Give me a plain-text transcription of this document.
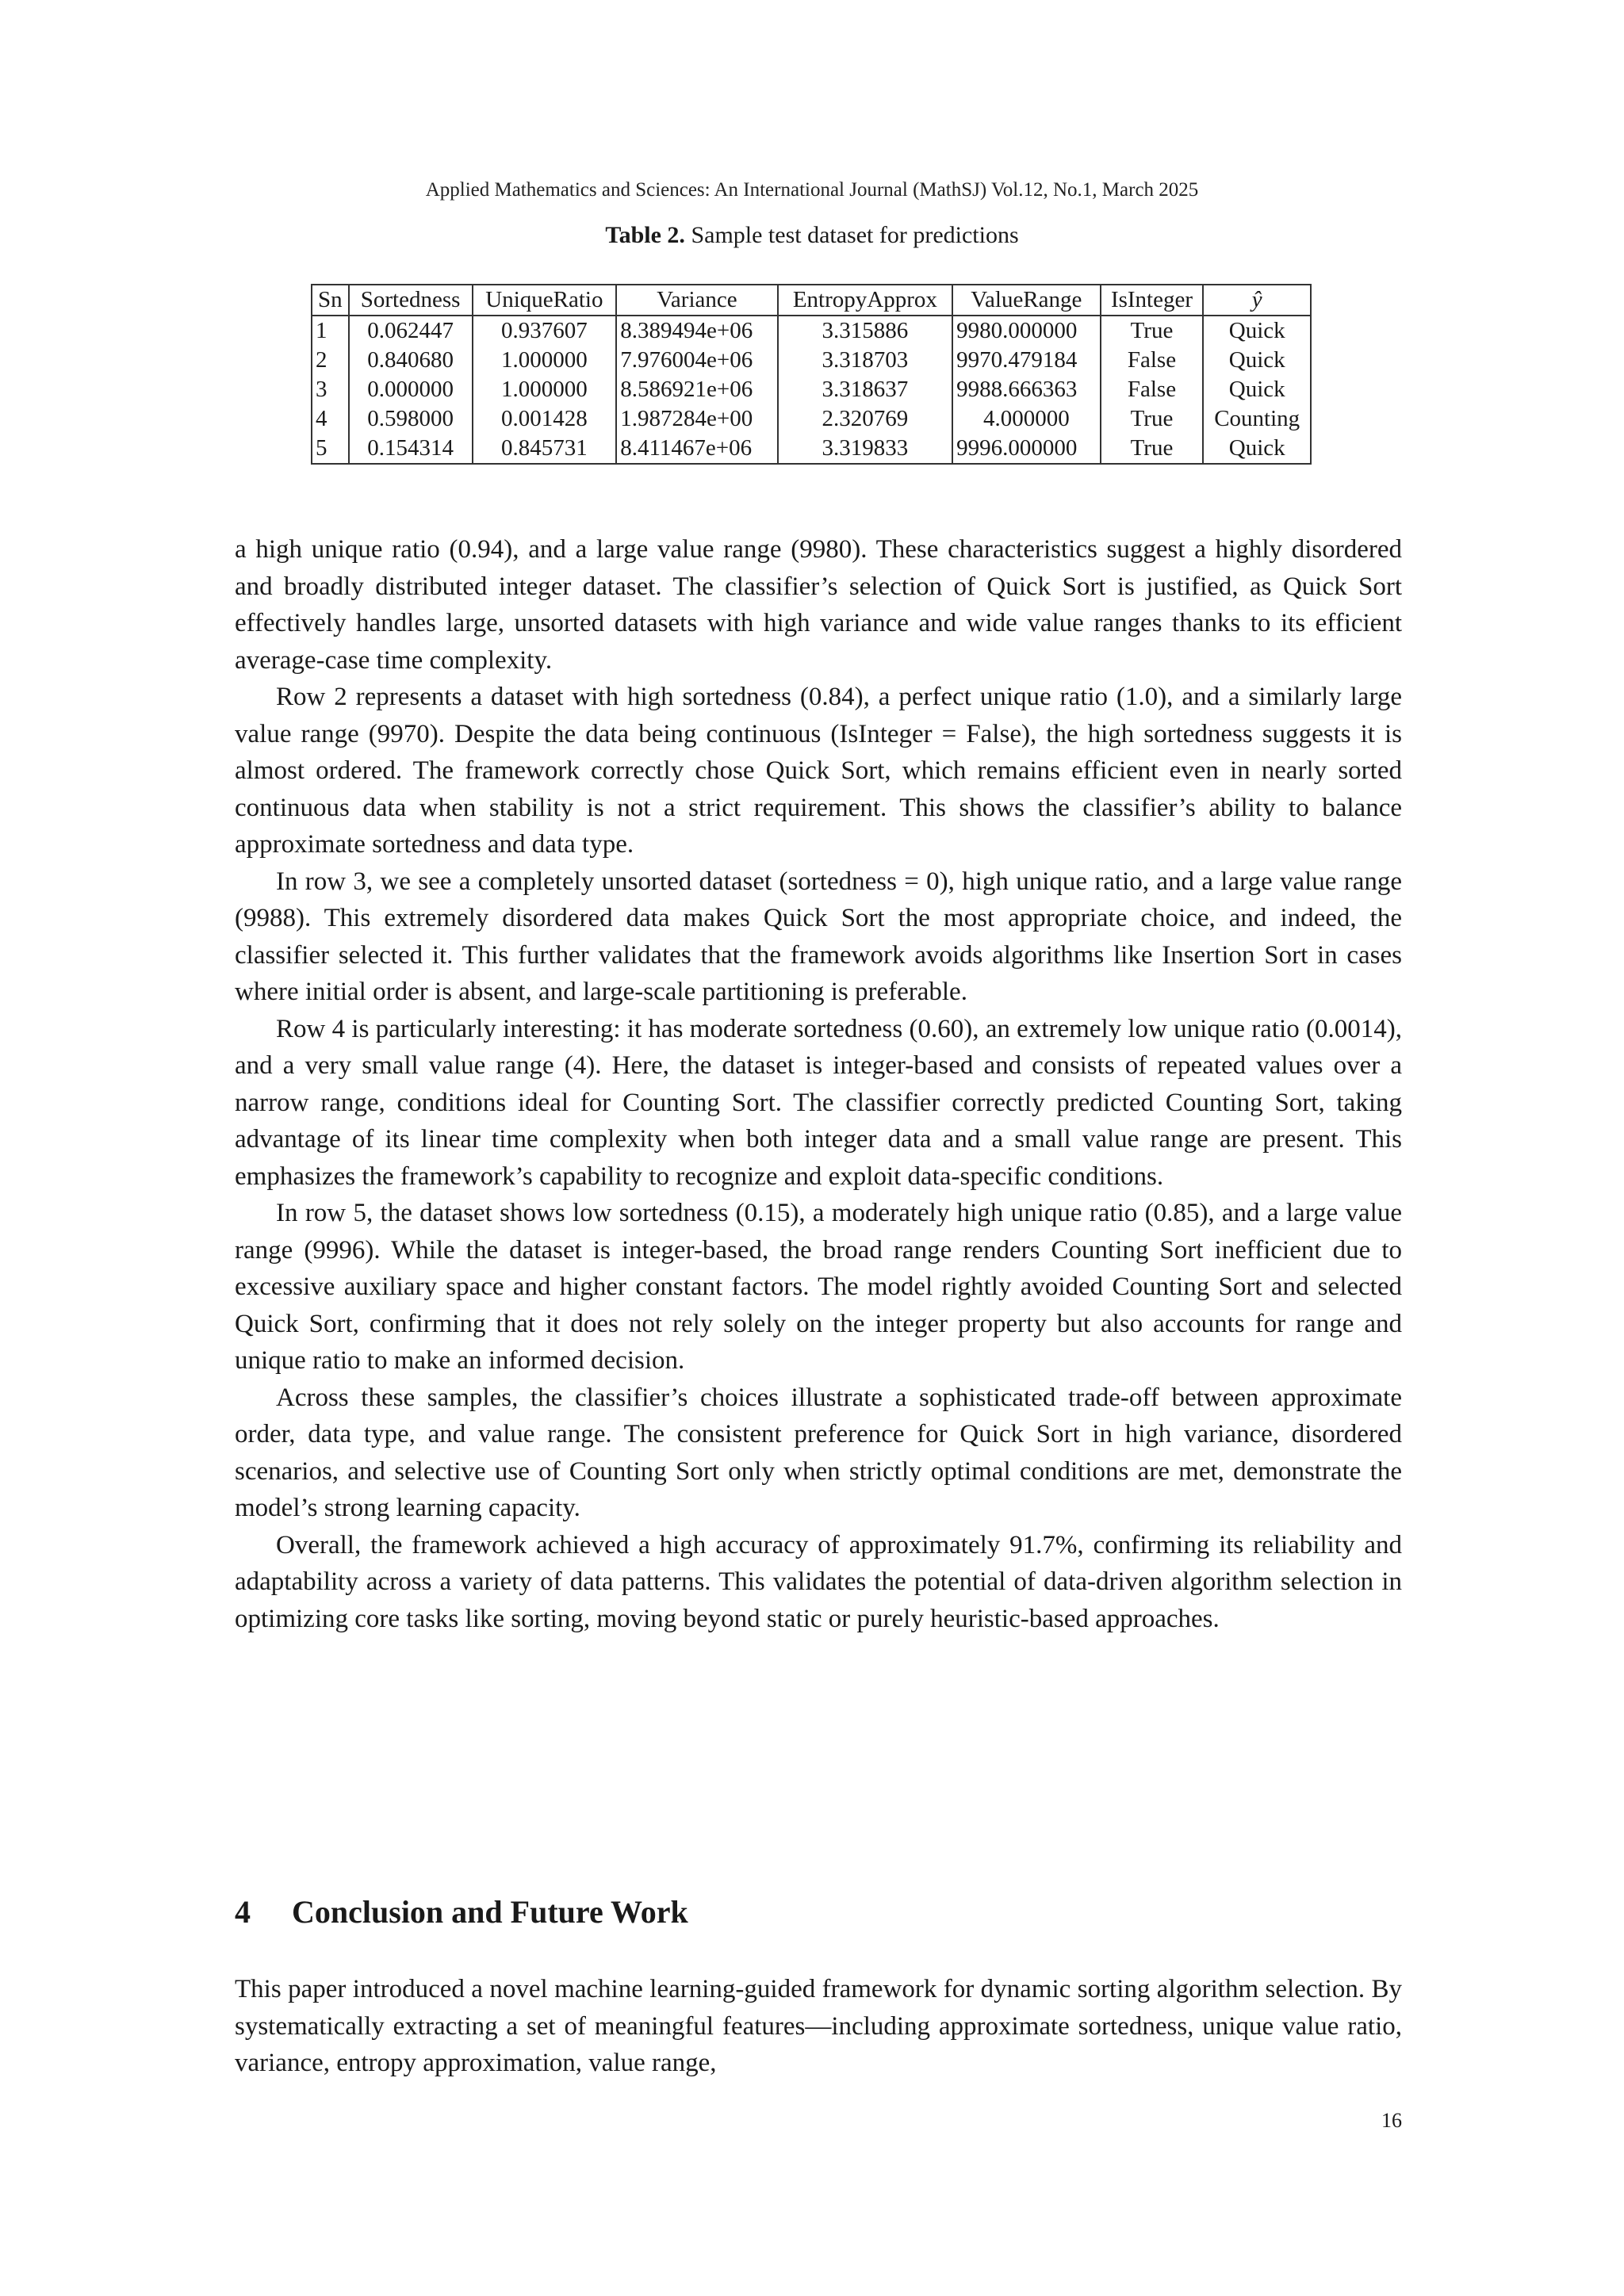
Applied Mathematics and Sciences: An International Journal (MathSJ) Vol.12, No.1, March 2025
Table 2. Sample test dataset for predictions
Sn	Sortedness	UniqueRatio	Variance	EntropyApprox	ValueRange	IsInteger	ŷ
1	0.062447	0.937607	8.389494e+06	3.315886	9980.000000	True	Quick
2	0.840680	1.000000	7.976004e+06	3.318703	9970.479184	False	Quick
3	0.000000	1.000000	8.586921e+06	3.318637	9988.666363	False	Quick
4	0.598000	0.001428	1.987284e+00	2.320769	4.000000	True	Counting
5	0.154314	0.845731	8.411467e+06	3.319833	9996.000000	True	Quick

a high unique ratio (0.94), and a large value range (9980). These characteristics suggest a highly disordered and broadly distributed integer dataset. The classifier’s selection of Quick Sort is justified, as Quick Sort effectively handles large, unsorted datasets with high variance and wide value ranges thanks to its efficient average-case time complexity.

Row 2 represents a dataset with high sortedness (0.84), a perfect unique ratio (1.0), and a similarly large value range (9970). Despite the data being continuous (IsInteger = False), the high sortedness suggests it is almost ordered. The framework correctly chose Quick Sort, which remains efficient even in nearly sorted continuous data when stability is not a strict requirement. This shows the classifier’s ability to balance approximate sortedness and data type.

In row 3, we see a completely unsorted dataset (sortedness = 0), high unique ratio, and a large value range (9988). This extremely disordered data makes Quick Sort the most appropriate choice, and indeed, the classifier selected it. This further validates that the framework avoids algorithms like Insertion Sort in cases where initial order is absent, and large-scale partitioning is preferable.

Row 4 is particularly interesting: it has moderate sortedness (0.60), an extremely low unique ratio (0.0014), and a very small value range (4). Here, the dataset is integer-based and consists of repeated values over a narrow range, conditions ideal for Counting Sort. The classifier correctly predicted Counting Sort, taking advantage of its linear time complexity when both integer data and a small value range are present. This emphasizes the framework’s capability to recognize and exploit data-specific conditions.

In row 5, the dataset shows low sortedness (0.15), a moderately high unique ratio (0.85), and a large value range (9996). While the dataset is integer-based, the broad range renders Counting Sort inefficient due to excessive auxiliary space and higher constant factors. The model rightly avoided Counting Sort and selected Quick Sort, confirming that it does not rely solely on the integer property but also accounts for range and unique ratio to make an informed decision.

Across these samples, the classifier’s choices illustrate a sophisticated trade-off between approximate order, data type, and value range. The consistent preference for Quick Sort in high variance, disordered scenarios, and selective use of Counting Sort only when strictly optimal conditions are met, demonstrate the model’s strong learning capacity.

Overall, the framework achieved a high accuracy of approximately 91.7%, confirming its reliability and adaptability across a variety of data patterns. This validates the potential of data-driven algorithm selection in optimizing core tasks like sorting, moving beyond static or purely heuristic-based approaches.

4 Conclusion and Future Work

This paper introduced a novel machine learning-guided framework for dynamic sorting algorithm selection. By systematically extracting a set of meaningful features—including approximate sortedness, unique value ratio, variance, entropy approximation, value range,

16
